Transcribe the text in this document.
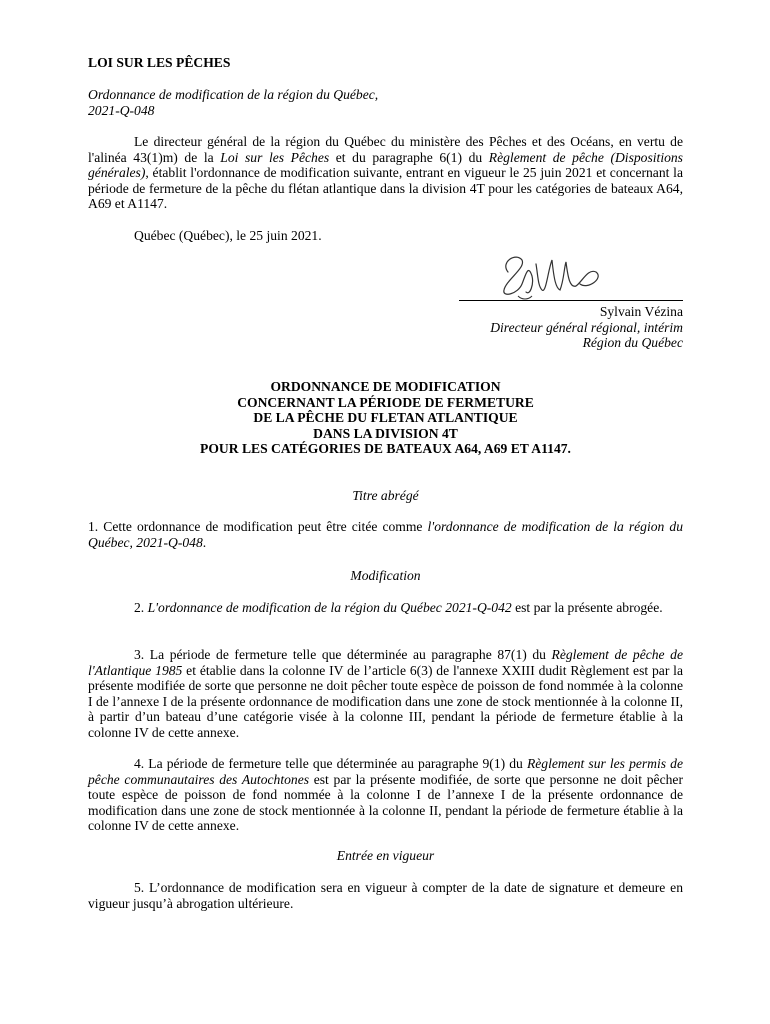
LOI SUR LES PÊCHES
Ordonnance de modification de la région du Québec,
2021-Q-048
Le directeur général de la région du Québec du ministère des Pêches et des Océans, en vertu de l'alinéa 43(1)m) de la Loi sur les Pêches et du paragraphe 6(1) du Règlement de pêche (Dispositions générales), établit l'ordonnance de modification suivante, entrant en vigueur le 25 juin 2021 et concernant la période de fermeture de la pêche du flétan atlantique dans la division 4T pour les catégories de bateaux A64, A69 et A1147.
Québec (Québec), le 25 juin 2021.
Sylvain Vézina
Directeur général régional, intérim
Région du Québec
ORDONNANCE DE MODIFICATION
CONCERNANT LA PÉRIODE DE FERMETURE
DE LA PÊCHE DU FLETAN ATLANTIQUE
DANS LA DIVISION 4T
POUR LES CATÉGORIES DE BATEAUX A64, A69 ET A1147.
Titre abrégé
1. Cette ordonnance de modification peut être citée comme l'ordonnance de modification de la région du Québec, 2021-Q-048.
Modification
2. L'ordonnance de modification de la région du Québec 2021-Q-042 est par la présente abrogée.
3. La période de fermeture telle que déterminée au paragraphe 87(1) du Règlement de pêche de l'Atlantique 1985 et établie dans la colonne IV de l’article 6(3) de l'annexe XXIII dudit Règlement est par la présente modifiée de sorte que personne ne doit pêcher toute espèce de poisson de fond nommée à la colonne I de l’annexe I de la présente ordonnance de modification dans une zone de stock mentionnée à la colonne II, à partir d’un bateau d’une catégorie visée à la colonne III, pendant la période de fermeture établie à la colonne IV de cette annexe.
4. La période de fermeture telle que déterminée au paragraphe 9(1) du Règlement sur les permis de pêche communautaires des Autochtones est par la présente modifiée, de sorte que personne ne doit pêcher toute espèce de poisson de fond nommée à la colonne I de l’annexe I de la présente ordonnance de modification dans une zone de stock mentionnée à la colonne II, pendant la période de fermeture établie à la colonne IV de cette annexe.
Entrée en vigueur
5. L’ordonnance de modification sera en vigueur à compter de la date de signature et demeure en vigueur jusqu’à abrogation ultérieure.
